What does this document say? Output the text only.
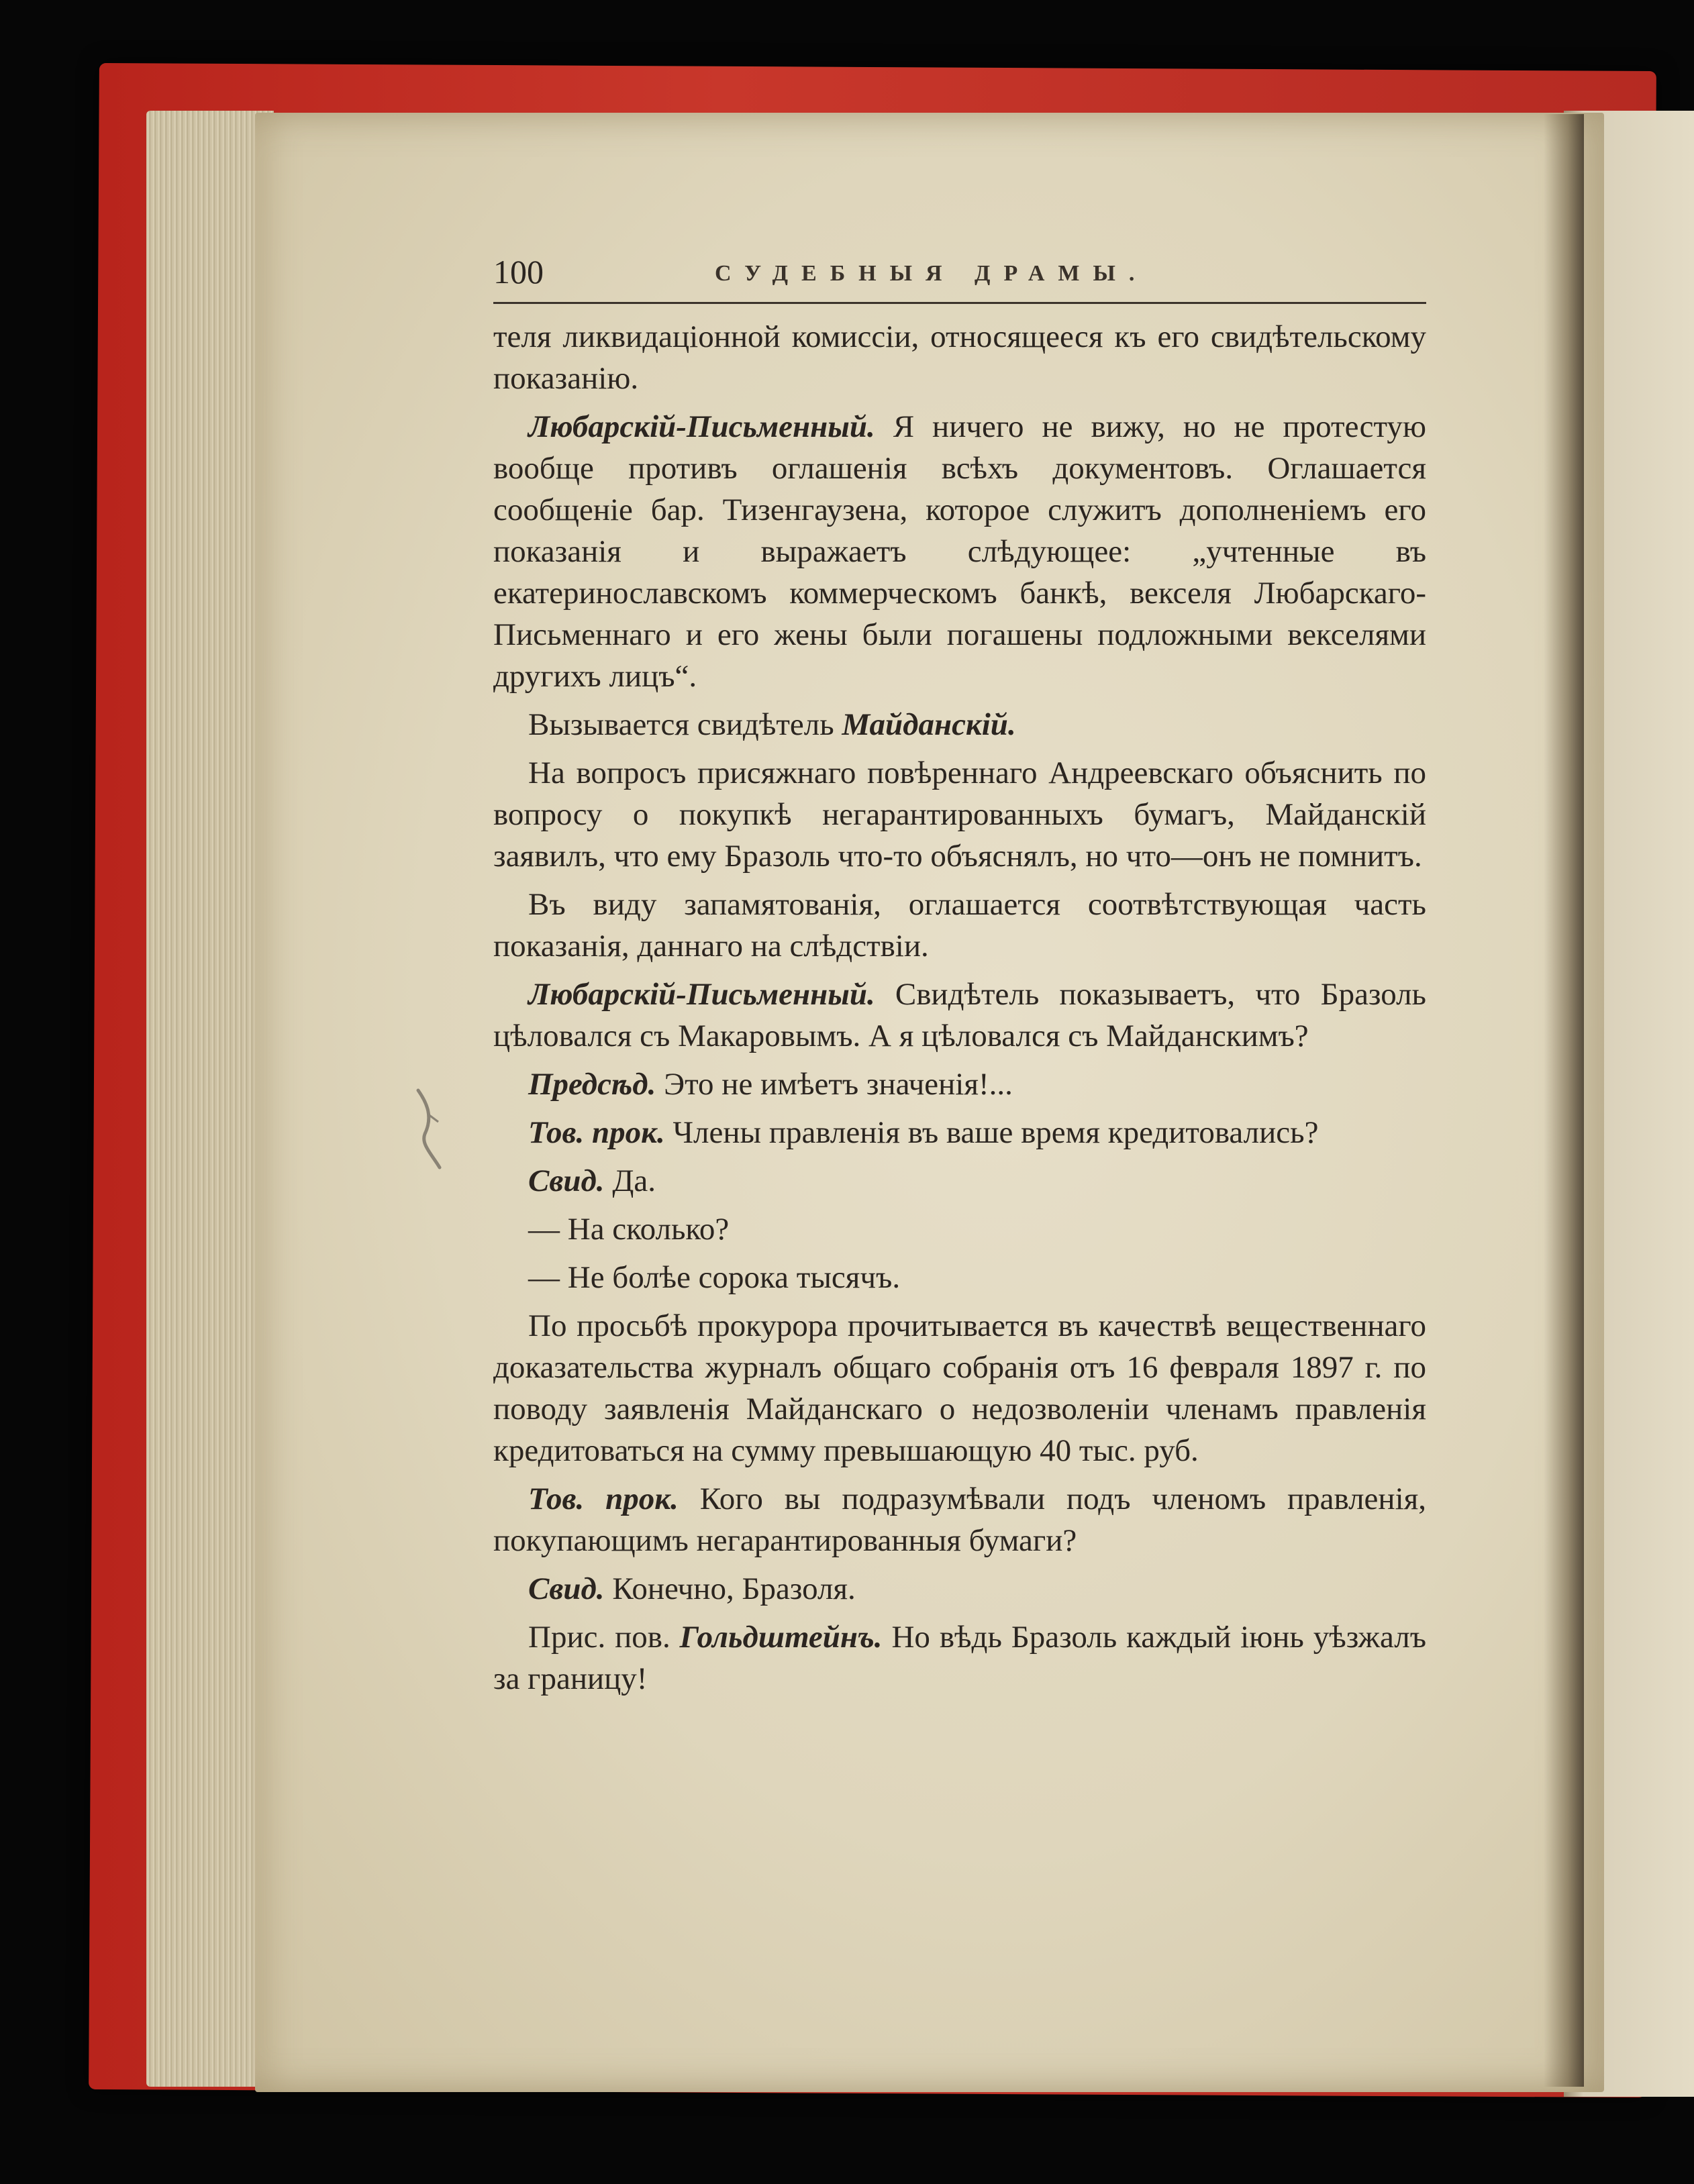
100	СУДЕБНЫЯ ДРАМЫ.

теля ликвидаціонной комиссіи, относящееся къ его свидѣтельскому показанію.

Любарскій-Письменный. Я ничего не вижу, но не протестую вообще противъ оглашенія всѣхъ документовъ. Оглашается сообщеніе бар. Тизенгаузена, которое служитъ дополненіемъ его показанія и выражаетъ слѣдующее: „учтенные въ екатеринославскомъ коммерческомъ банкѣ, векселя Любарскаго-Письменнаго и его жены были погашены подложными векселями другихъ лицъ“.

Вызывается свидѣтель Майданскій.

На вопросъ присяжнаго повѣреннаго Андреевскаго объяснить по вопросу о покупкѣ негарантированныхъ бумагъ, Майданскій заявилъ, что ему Бразоль что-то объяснялъ, но что—онъ не помнитъ.

Въ виду запамятованія, оглашается соотвѣтствующая часть показанія, даннаго на слѣдствіи.

Любарскій-Письменный. Свидѣтель показываетъ, что Бразоль цѣловался съ Макаровымъ. А я цѣловался съ Майданскимъ?

Предсѣд. Это не имѣетъ значенія!...

Тов. прок. Члены правленія въ ваше время кредитовались?

Свид. Да.

— На сколько?

— Не болѣе сорока тысячъ.

По просьбѣ прокурора прочитывается въ качествѣ вещественнаго доказательства журналъ общаго собранія отъ 16 февраля 1897 г. по поводу заявленія Майданскаго о недозволеніи членамъ правленія кредитоваться на сумму превышающую 40 тыс. руб.

Тов. прок. Кого вы подразумѣвали подъ членомъ правленія, покупающимъ негарантированныя бумаги?

Свид. Конечно, Бразоля.

Прис. пов. Гольдштейнъ. Но вѣдь Бразоль каждый іюнь уѣзжалъ за границу!
